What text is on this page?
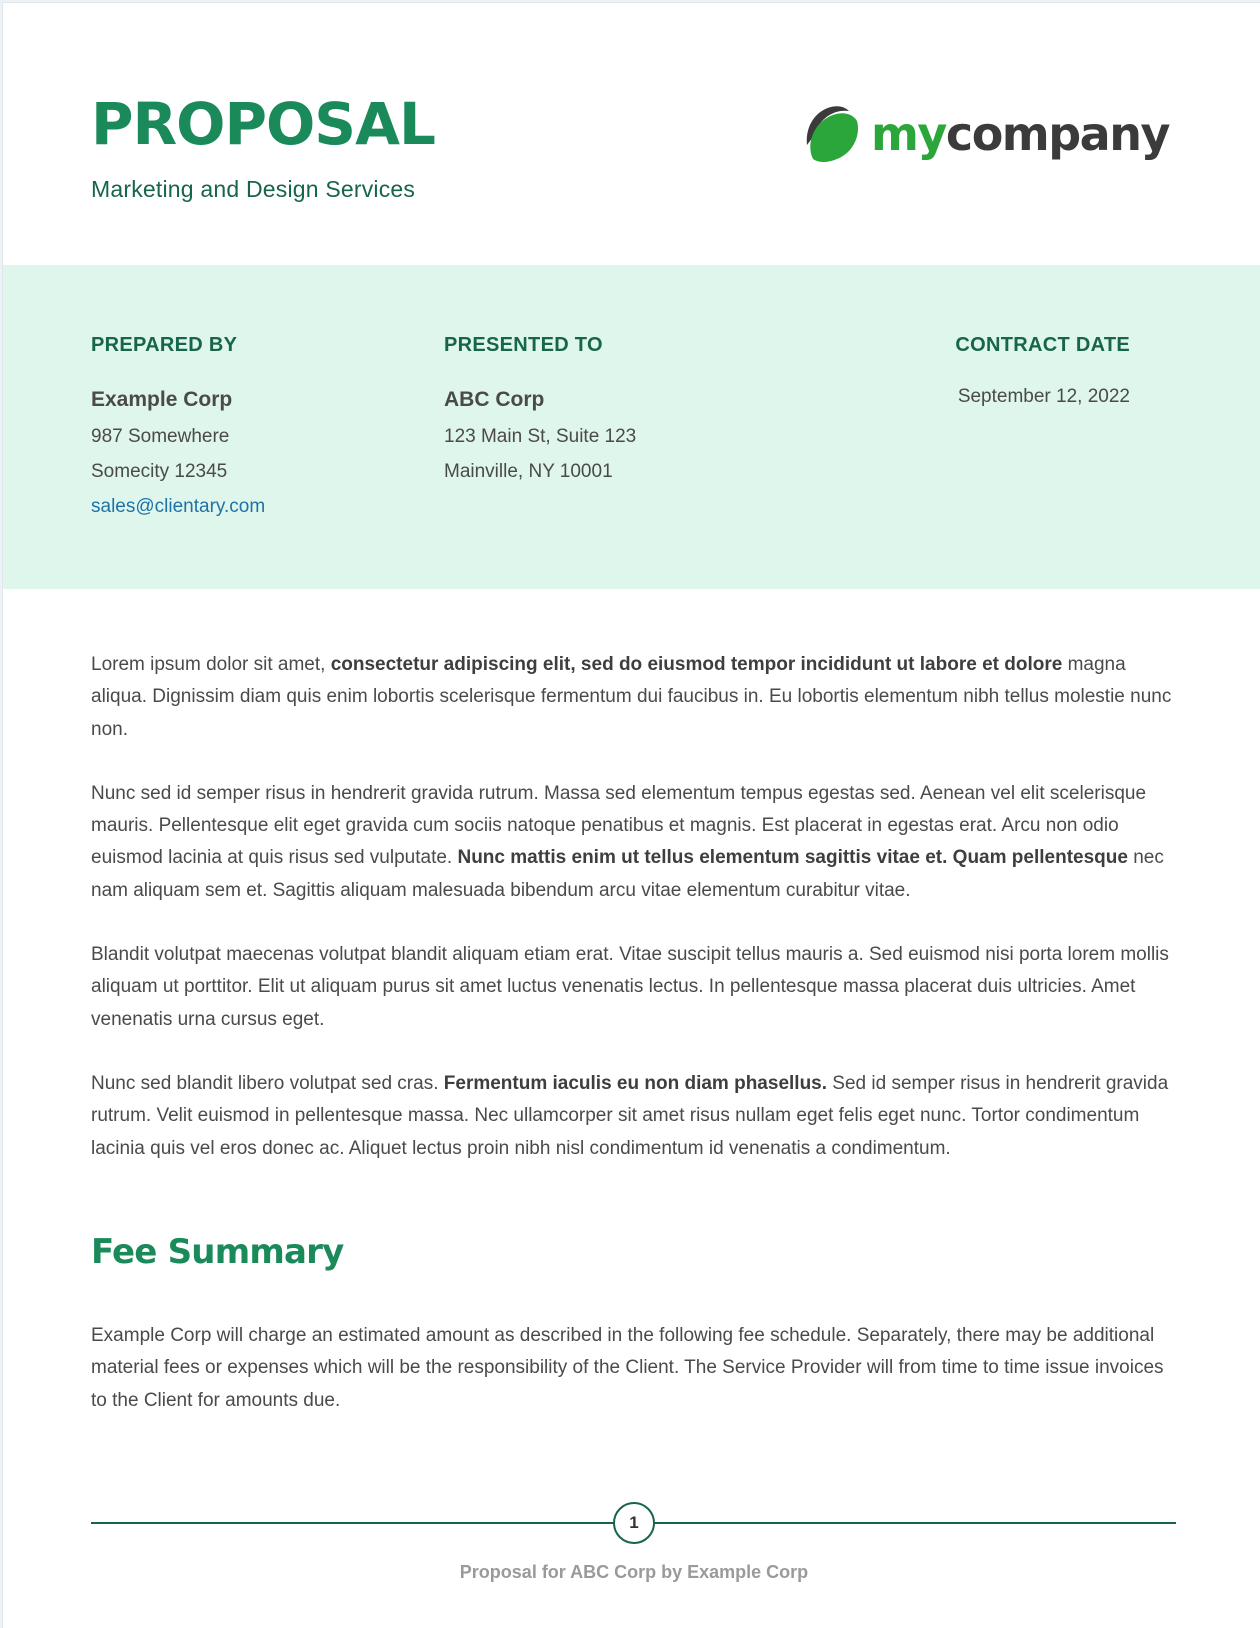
PROPOSAL
Marketing and Design Services
mycompany
PREPARED BY
Example Corp
987 Somewhere
Somecity 12345
sales@clientary.com
PRESENTED TO
ABC Corp
123 Main St, Suite 123
Mainville, NY 10001
CONTRACT DATE
September 12, 2022

Lorem ipsum dolor sit amet, consectetur adipiscing elit, sed do eiusmod tempor incididunt ut labore et dolore magna aliqua. Dignissim diam quis enim lobortis scelerisque fermentum dui faucibus in. Eu lobortis elementum nibh tellus molestie nunc non.

Nunc sed id semper risus in hendrerit gravida rutrum. Massa sed elementum tempus egestas sed. Aenean vel elit scelerisque mauris. Pellentesque elit eget gravida cum sociis natoque penatibus et magnis. Est placerat in egestas erat. Arcu non odio euismod lacinia at quis risus sed vulputate. Nunc mattis enim ut tellus elementum sagittis vitae et. Quam pellentesque nec nam aliquam sem et. Sagittis aliquam malesuada bibendum arcu vitae elementum curabitur vitae.

Blandit volutpat maecenas volutpat blandit aliquam etiam erat. Vitae suscipit tellus mauris a. Sed euismod nisi porta lorem mollis aliquam ut porttitor. Elit ut aliquam purus sit amet luctus venenatis lectus. In pellentesque massa placerat duis ultricies. Amet venenatis urna cursus eget.

Nunc sed blandit libero volutpat sed cras. Fermentum iaculis eu non diam phasellus. Sed id semper risus in hendrerit gravida rutrum. Velit euismod in pellentesque massa. Nec ullamcorper sit amet risus nullam eget felis eget nunc. Tortor condimentum lacinia quis vel eros donec ac. Aliquet lectus proin nibh nisl condimentum id venenatis a condimentum.

Fee Summary

Example Corp will charge an estimated amount as described in the following fee schedule. Separately, there may be additional material fees or expenses which will be the responsibility of the Client. The Service Provider will from time to time issue invoices to the Client for amounts due.

1
Proposal for ABC Corp by Example Corp
